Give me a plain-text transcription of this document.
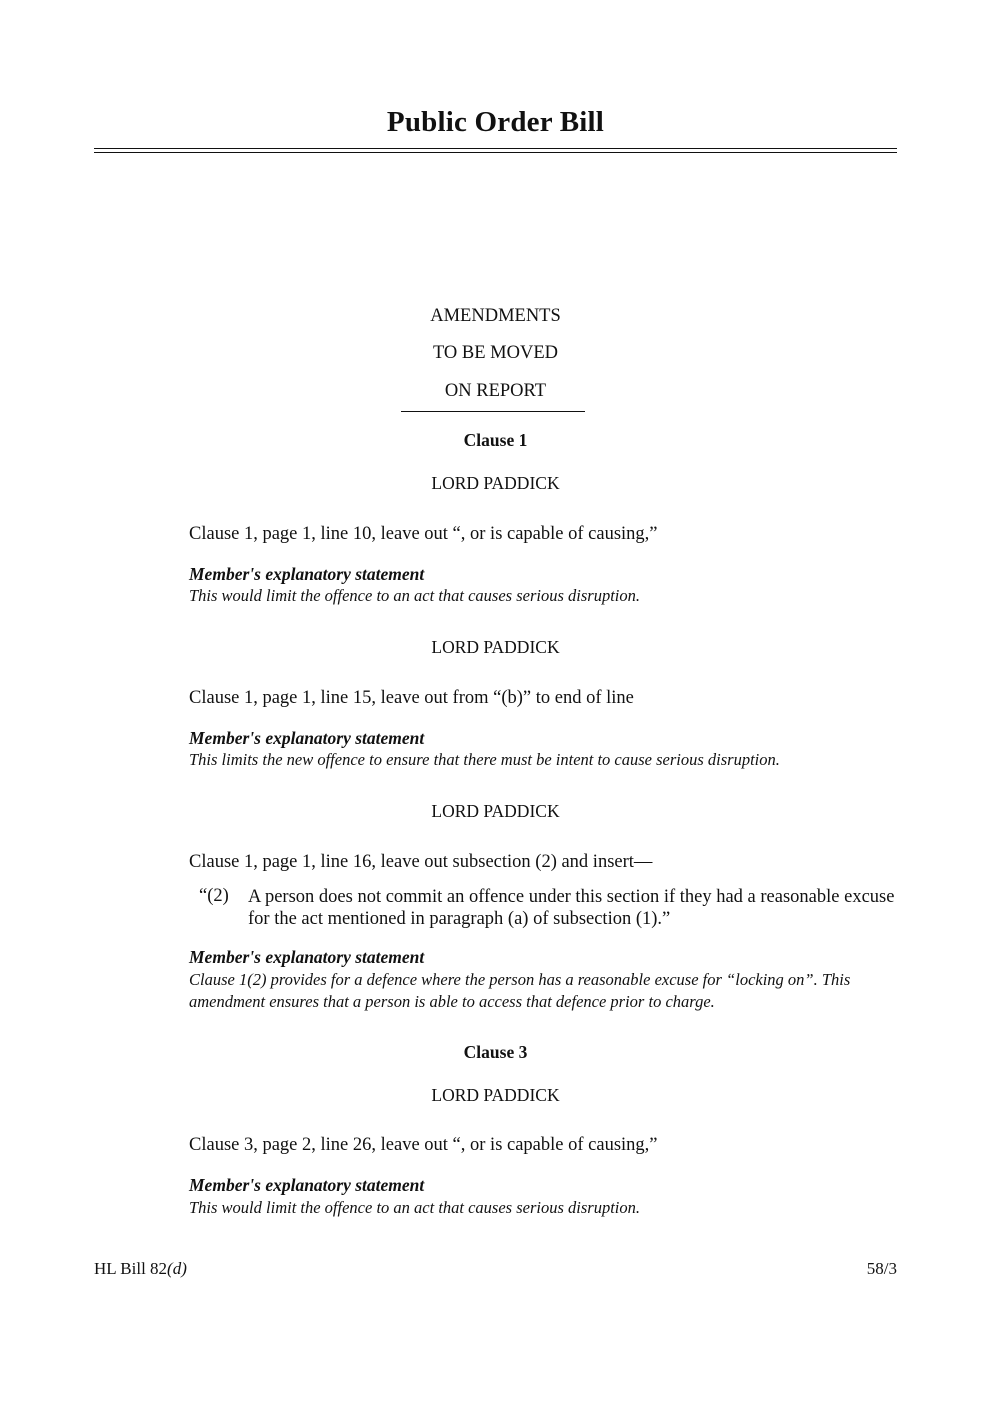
Public Order Bill
AMENDMENTS
TO BE MOVED
ON REPORT
Clause 1
LORD PADDICK
Clause 1, page 1, line 10, leave out “, or is capable of causing,”
Member's explanatory statement
This would limit the offence to an act that causes serious disruption.
LORD PADDICK
Clause 1, page 1, line 15, leave out from “(b)” to end of line
Member's explanatory statement
This limits the new offence to ensure that there must be intent to cause serious disruption.
LORD PADDICK
Clause 1, page 1, line 16, leave out subsection (2) and insert—
“(2) A person does not commit an offence under this section if they had a reasonable excuse for the act mentioned in paragraph (a) of subsection (1).”
Member's explanatory statement
Clause 1(2) provides for a defence where the person has a reasonable excuse for “locking on”. This amendment ensures that a person is able to access that defence prior to charge.
Clause 3
LORD PADDICK
Clause 3, page 2, line 26, leave out “, or is capable of causing,”
Member's explanatory statement
This would limit the offence to an act that causes serious disruption.
HL Bill 82(d)	58/3
